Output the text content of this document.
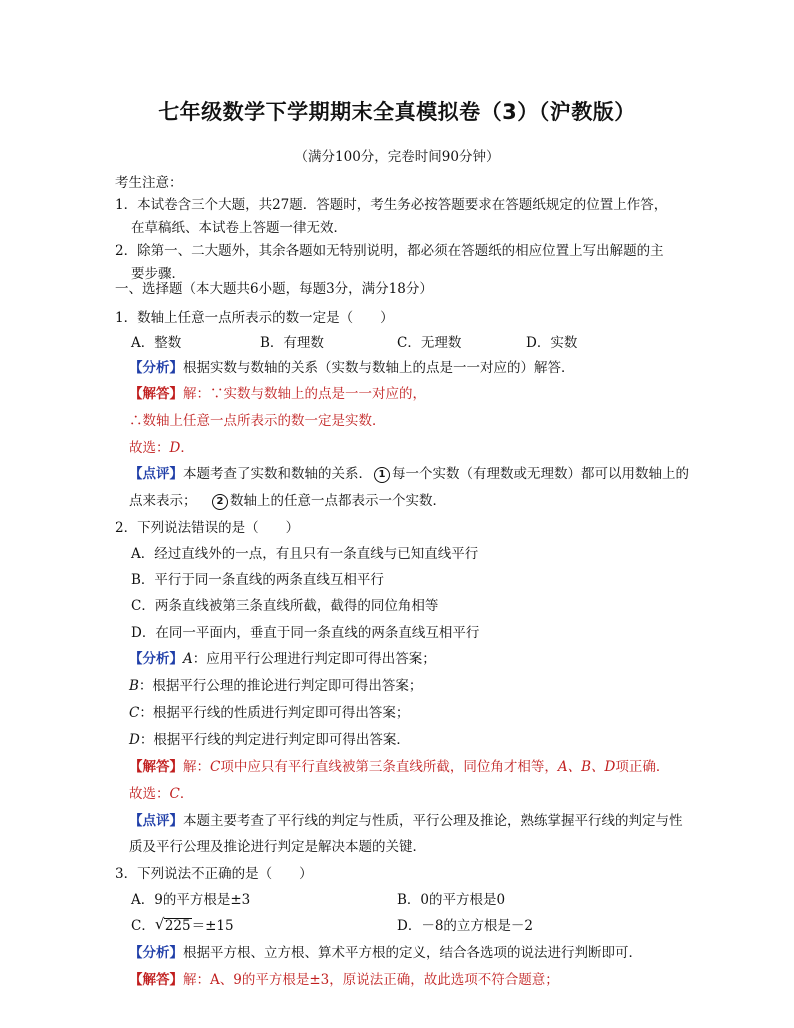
七年级数学下学期期末全真模拟卷（3）（沪教版）
（满分100分，完卷时间90分钟）
考生注意：
1．本试卷含三个大题，共27题．答题时，考生务必按答题要求在答题纸规定的位置上作答，
在草稿纸、本试卷上答题一律无效．
2．除第一、二大题外，其余各题如无特别说明，都必须在答题纸的相应位置上写出解题的主
要步骤．
一、选择题（本大题共6小题，每题3分，满分18分）
1．数轴上任意一点所表示的数一定是（　　）
A．整数	B．有理数	C．无理数	D．实数
【分析】根据实数与数轴的关系（实数与数轴上的点是一一对应的）解答．
【解答】解：∵实数与数轴上的点是一一对应的，
∴数轴上任意一点所表示的数一定是实数．
故选：D．
【点评】本题考查了实数和数轴的关系． 1 每一个实数（有理数或无理数）都可以用数轴上的
点来表示；  2 数轴上的任意一点都表示一个实数．
2．下列说法错误的是（　　）
A．经过直线外的一点，有且只有一条直线与已知直线平行
B．平行于同一条直线的两条直线互相平行
C．两条直线被第三条直线所截，截得的同位角相等
D．在同一平面内，垂直于同一条直线的两条直线互相平行
【分析】A：应用平行公理进行判定即可得出答案；
B：根据平行公理的推论进行判定即可得出答案；
C：根据平行线的性质进行判定即可得出答案；
D：根据平行线的判定进行判定即可得出答案．
【解答】解：C项中应只有平行直线被第三条直线所截，同位角才相等，A、B、D项正确．
故选：C．
【点评】本题主要考查了平行线的判定与性质，平行公理及推论，熟练掌握平行线的判定与性
质及平行公理及推论进行判定是解决本题的关键．
3．下列说法不正确的是（　　）
A．9的平方根是±3	B．0的平方根是0
C． √ 225＝±15	D．－8的立方根是－2
【分析】根据平方根、立方根、算术平方根的定义，结合各选项的说法进行判断即可．
【解答】解：A、9的平方根是±3，原说法正确，故此选项不符合题意；
